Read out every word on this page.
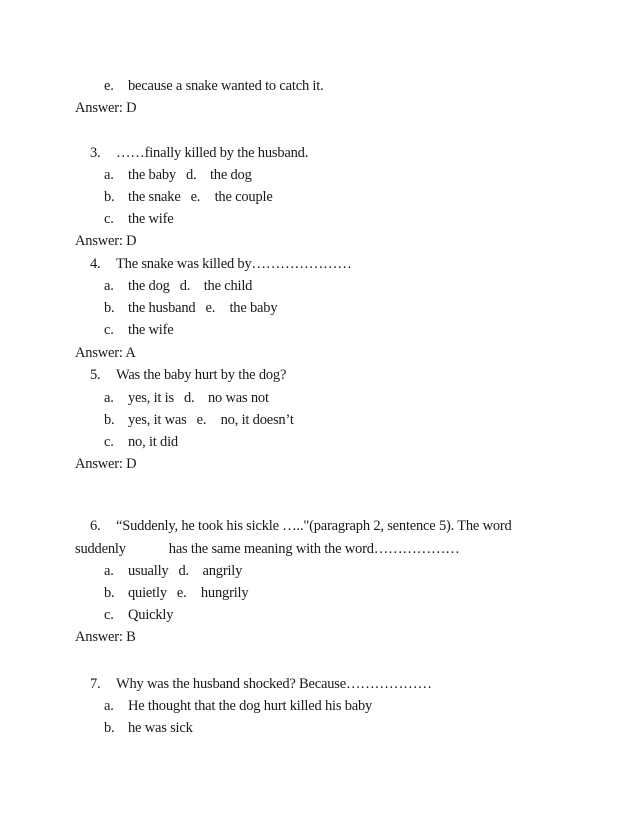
e. because a snake wanted to catch it.
Answer: D
3. ……finally killed by the husband.
a. the baby d. the dog
b. the snake e. the couple
c. the wife
Answer: D
4. The snake was killed by…………………
a. the dog d. the child
b. the husband e. the baby
c. the wife
Answer: A
5. Was the baby hurt by the dog?
a. yes, it is d. no was not
b. yes, it was e. no, it doesn’t
c. no, it did
Answer: D
6. “Suddenly, he took his sickle ….."(paragraph 2, sentence 5). The word
suddenly	has the same meaning with the word………………
a. usually d. angrily
b. quietly e. hungrily
c. Quickly
Answer: B
7. Why was the husband shocked? Because………………
a. He thought that the dog hurt killed his baby
b. he was sick
